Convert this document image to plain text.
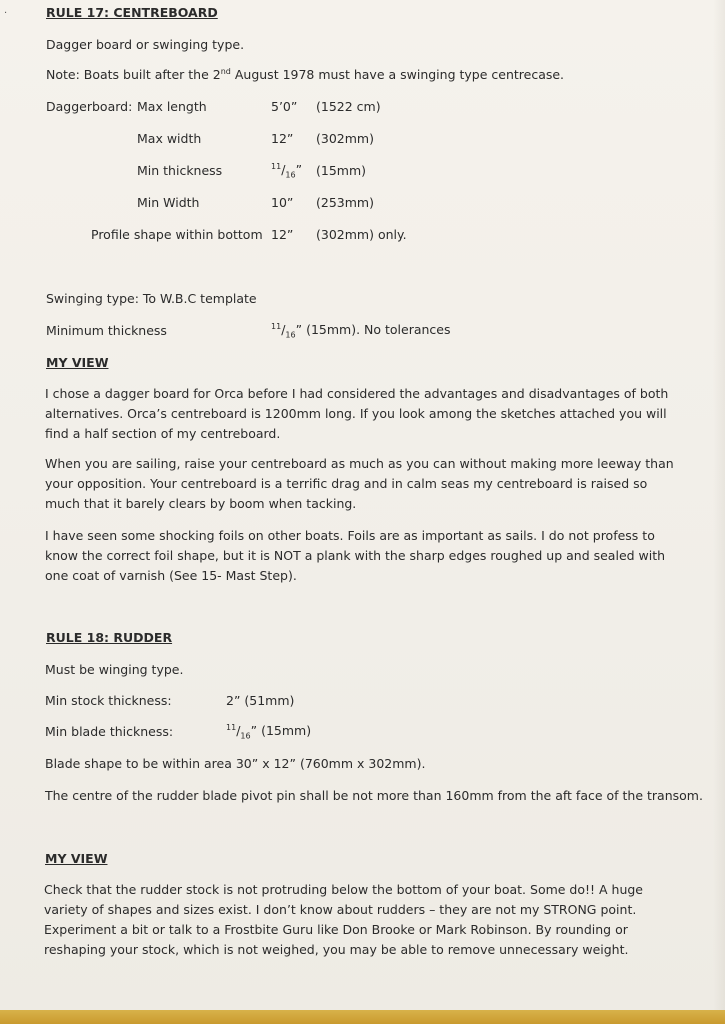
·	RULE 17: CENTREBOARD
Dagger board or swinging type.
Note: Boats built after the 2nd August 1978 must have a swinging type centrecase.
Daggerboard: Max length	5’0” (1522 cm)
Max width	12” (302mm)
Min thickness	$^{11}/_{16}$” (15mm)
Min Width	10” (253mm)
Profile shape within bottom 12” (302mm) only.
Swinging type: To W.B.C template
Minimum thickness	$^{11}/_{16}$” (15mm). No tolerances
MY VIEW
I chose a dagger board for Orca before I had considered the advantages and disadvantages of both alternatives. Orca’s centreboard is 1200mm long. If you look among the sketches attached you will find a half section of my centreboard.
When you are sailing, raise your centreboard as much as you can without making more leeway than your opposition. Your centreboard is a terrific drag and in calm seas my centreboard is raised so much that it barely clears by boom when tacking.
I have seen some shocking foils on other boats. Foils are as important as sails. I do not profess to know the correct foil shape, but it is NOT a plank with the sharp edges roughed up and sealed with one coat of varnish (See 15- Mast Step).
RULE 18: RUDDER
Must be winging type.
Min stock thickness:	2” (51mm)
Min blade thickness:	$^{11}/_{16}$” (15mm)
Blade shape to be within area 30” x 12” (760mm x 302mm).
The centre of the rudder blade pivot pin shall be not more than 160mm from the aft face of the transom.
MY VIEW
Check that the rudder stock is not protruding below the bottom of your boat. Some do!! A huge variety of shapes and sizes exist. I don’t know about rudders – they are not my STRONG point. Experiment a bit or talk to a Frostbite Guru like Don Brooke or Mark Robinson. By rounding or reshaping your stock, which is not weighed, you may be able to remove unnecessary weight.
